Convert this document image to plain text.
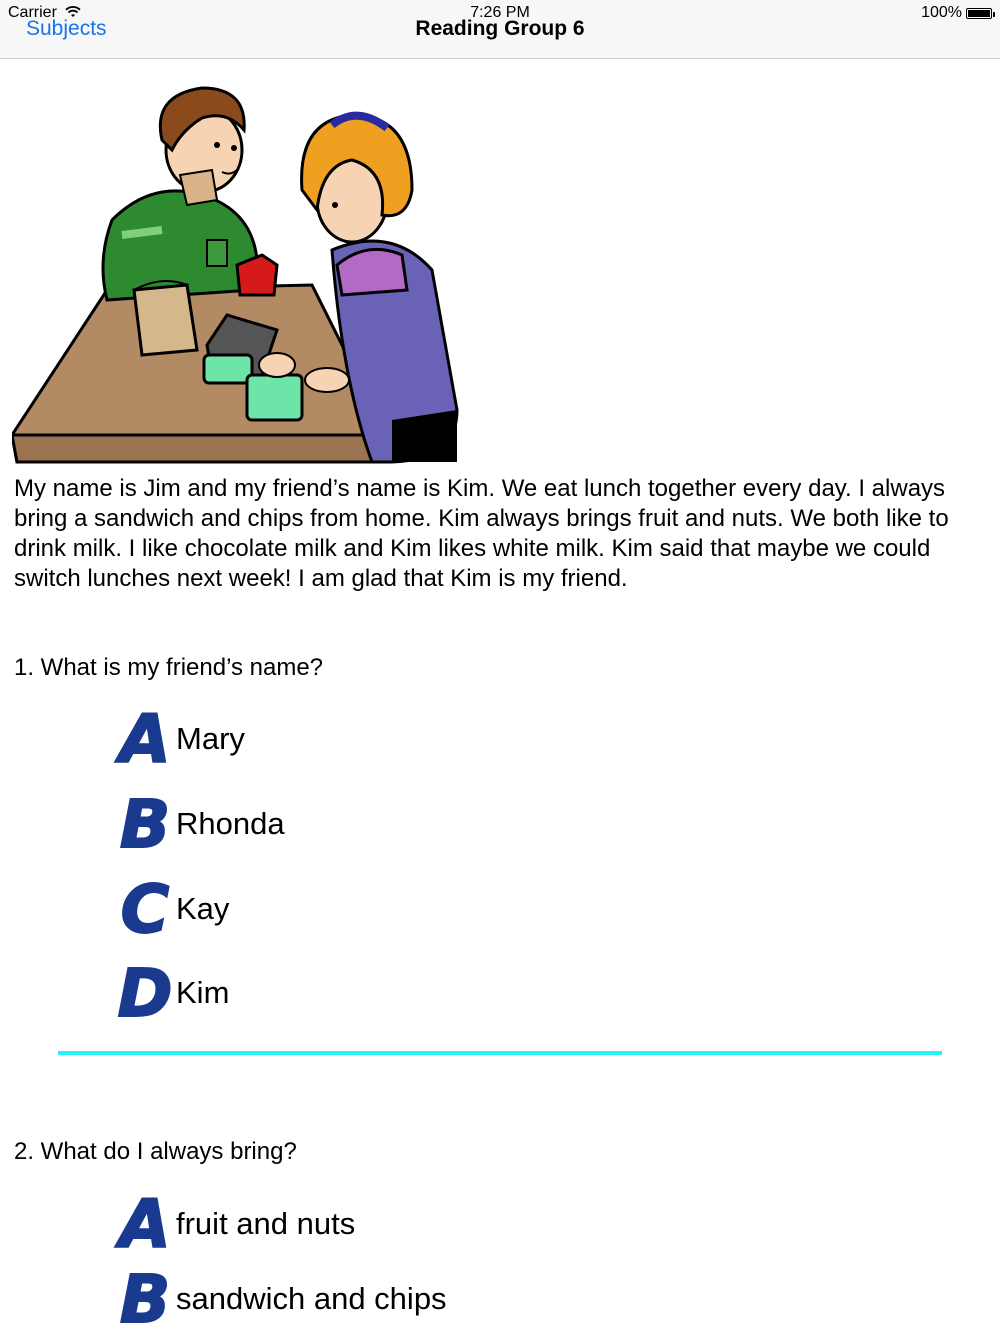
Carrier	7:26 PM	100%
Subjects	Reading Group 6
My name is Jim and my friend’s name is Kim. We eat lunch together every day. I always bring a sandwich and chips from home. Kim always brings fruit and nuts. We both like to drink milk. I like chocolate milk and Kim likes white milk. Kim said that maybe we could switch lunches next week! I am glad that Kim is my friend.
1. What is my friend’s name?
A Mary
B Rhonda
C Kay
D Kim
2. What do I always bring?
A fruit and nuts
B sandwich and chips
